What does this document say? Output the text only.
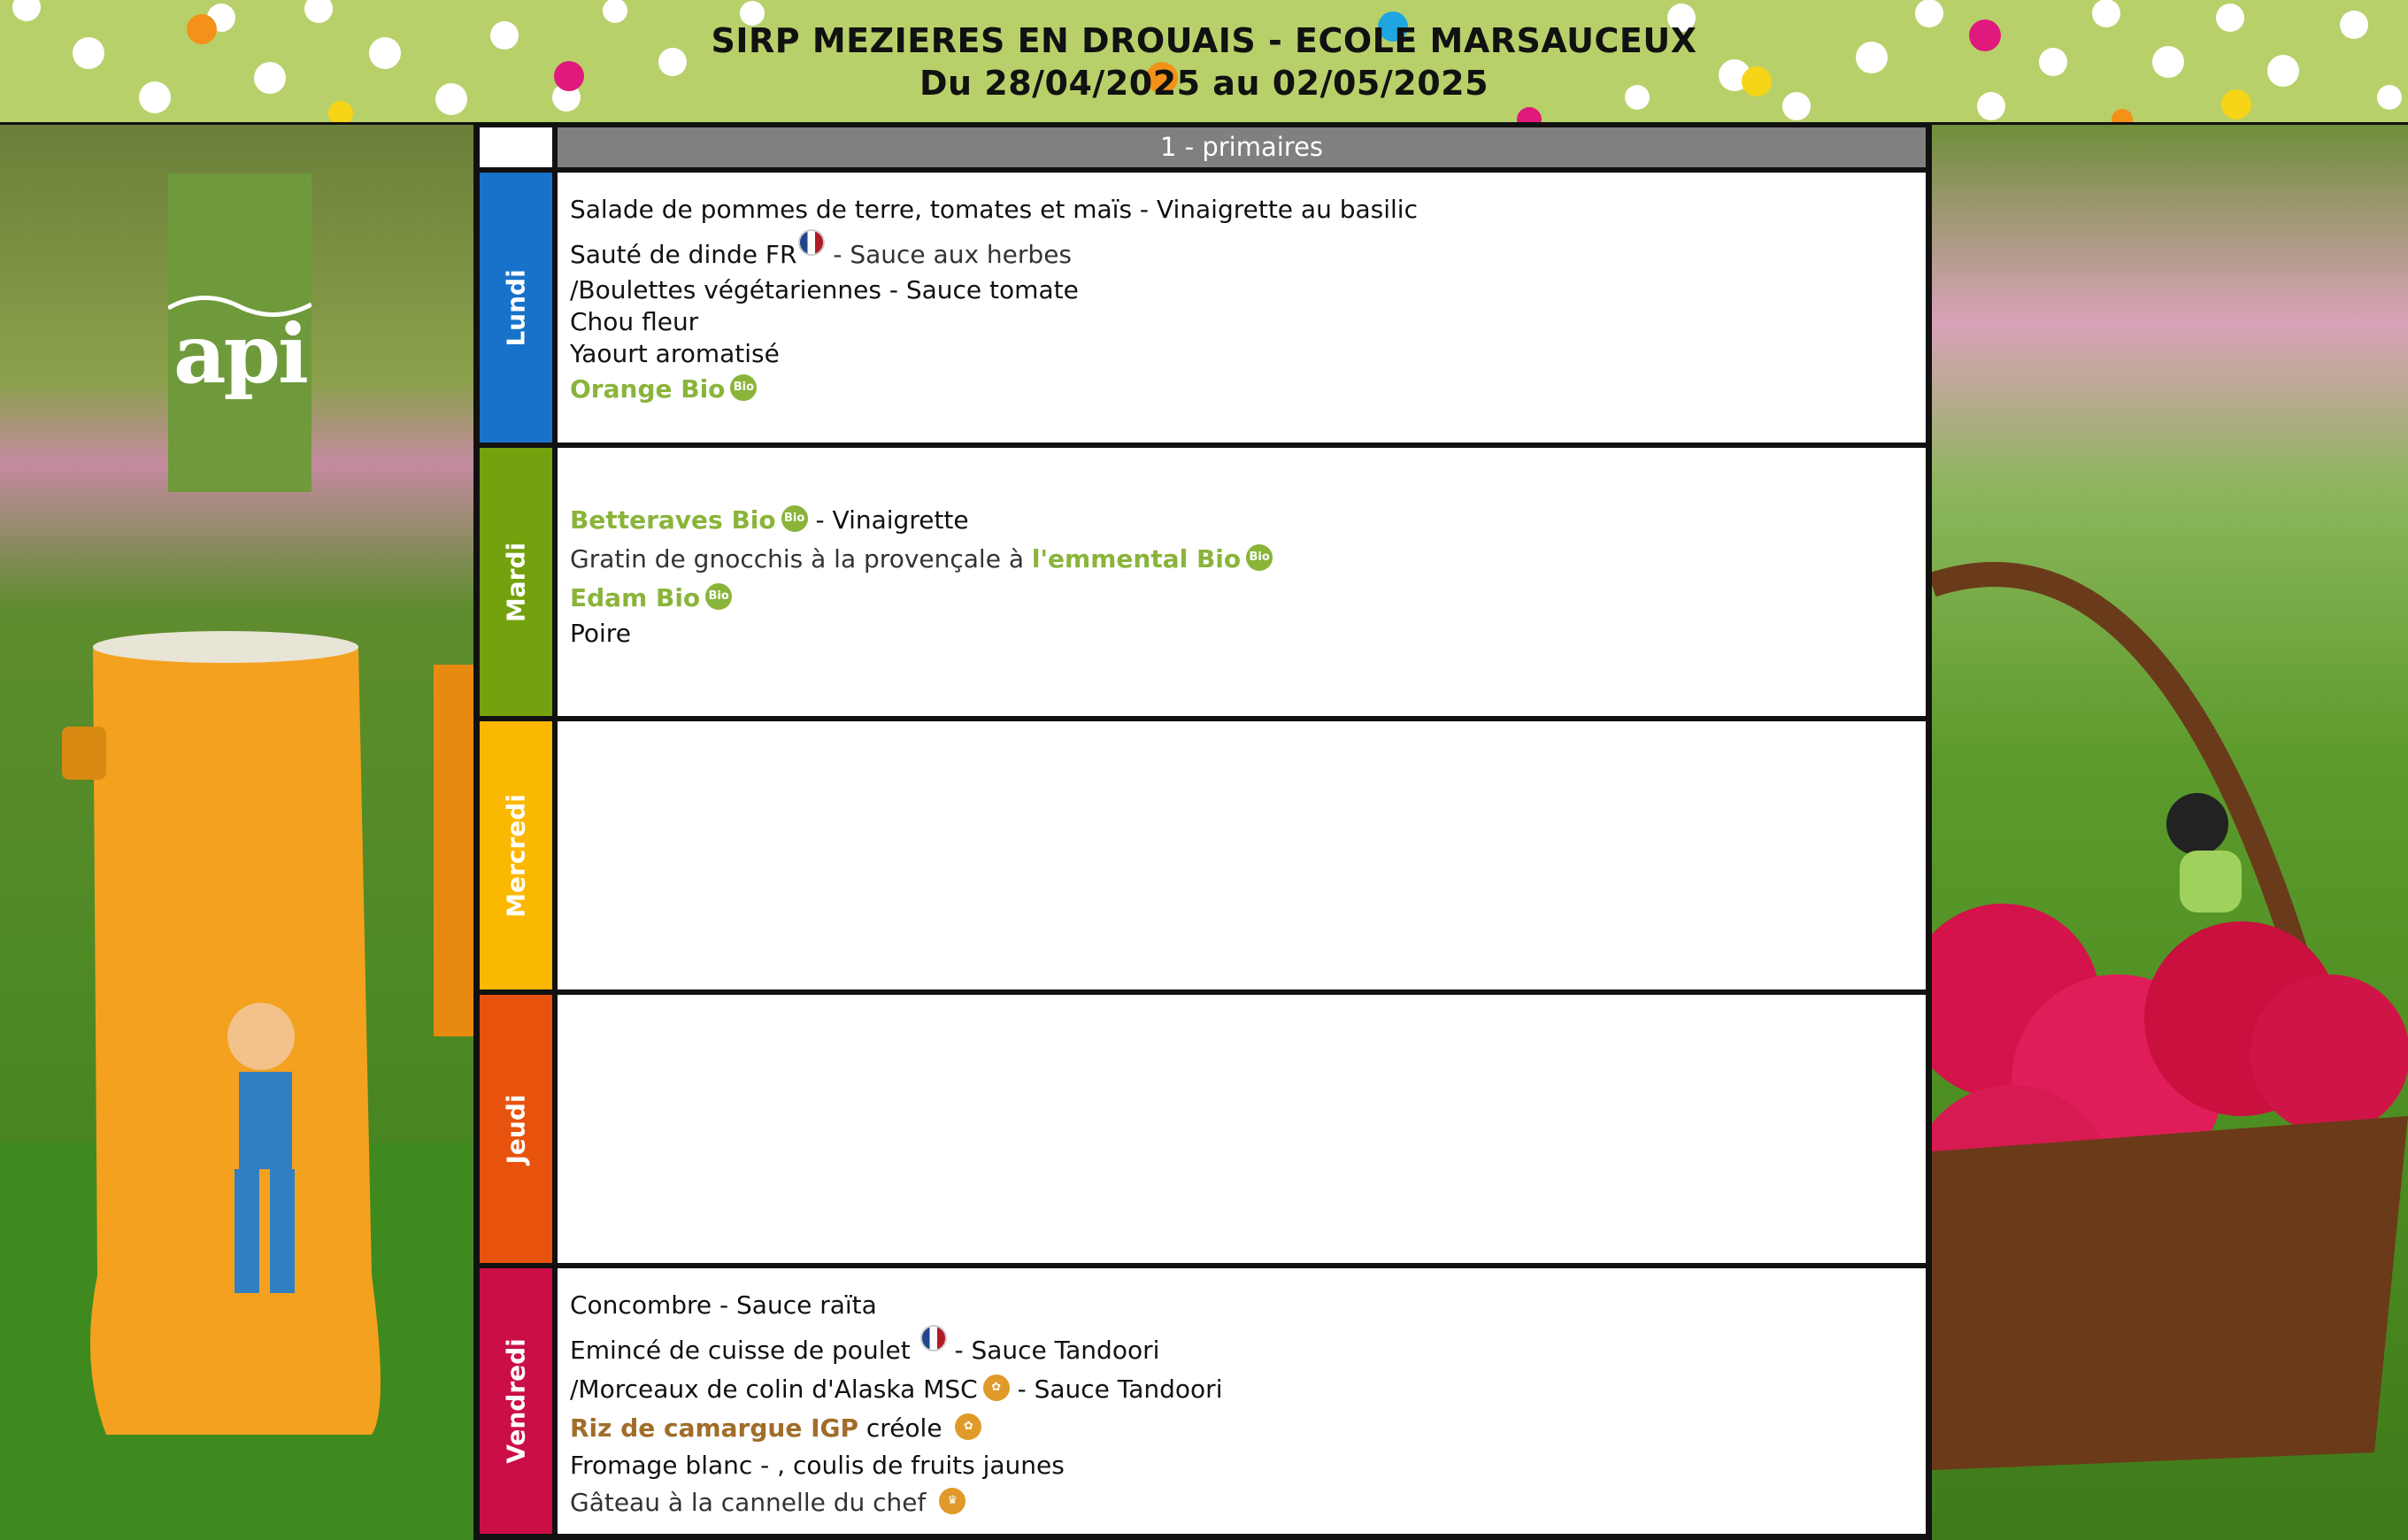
SIRP MEZIERES EN DROUAIS - ECOLE MARSAUCEUX
Du 28/04/2025 au 02/05/2025
api
1 - primaires
Lundi
Salade de pommes de terre, tomates et maïs - Vinaigrette au basilic
Sauté de dinde FR - Sauce aux herbes
/Boulettes végétariennes - Sauce tomate
Chou fleur
Yaourt aromatisé
Orange Bio Bio
Mardi
Betteraves Bio Bio - Vinaigrette
Gratin de gnocchis à la provençale à l'emmental Bio Bio
Edam Bio Bio
Poire
Mercredi
Jeudi
Vendredi
Concombre - Sauce raïta
Emincé de cuisse de poulet  - Sauce Tandoori
/Morceaux de colin d'Alaska MSC ✿ - Sauce Tandoori
Riz de camargue IGP créole ✿
Fromage blanc - , coulis de fruits jaunes
Gâteau à la cannelle du chef ♛
